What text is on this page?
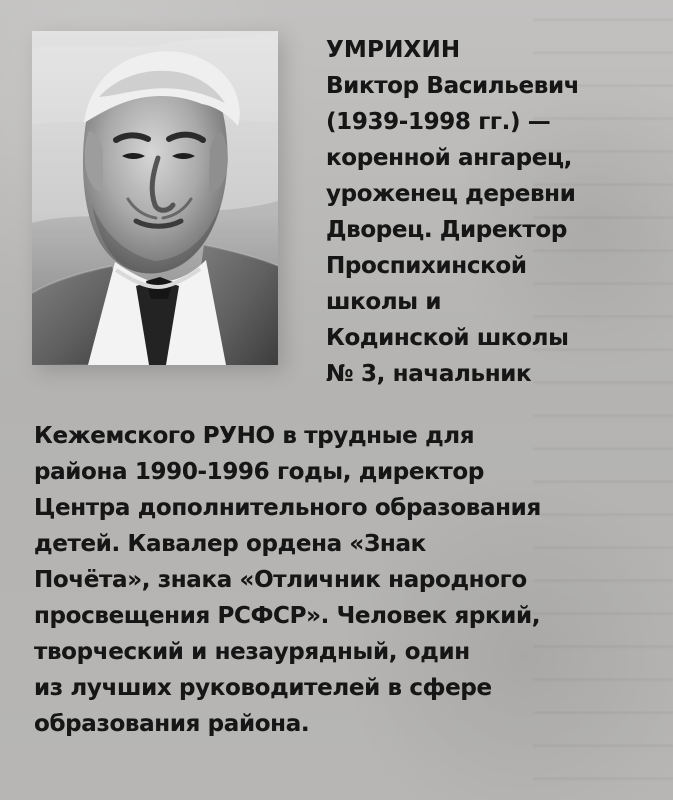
УМРИХИН
Виктор Васильевич
(1939-1998 гг.) —
коренной ангарец,
уроженец деревни
Дворец. Директор
Проспихинской
школы и
Кодинской школы
№ 3, начальник
Кежемского РУНО в трудные для
района 1990-1996 годы, директор
Центра дополнительного образования
детей. Кавалер ордена «Знак
Почёта», знака «Отличник народного
просвещения РСФСР». Человек яркий,
творческий и незаурядный, один
из лучших руководителей в сфере
образования района.
